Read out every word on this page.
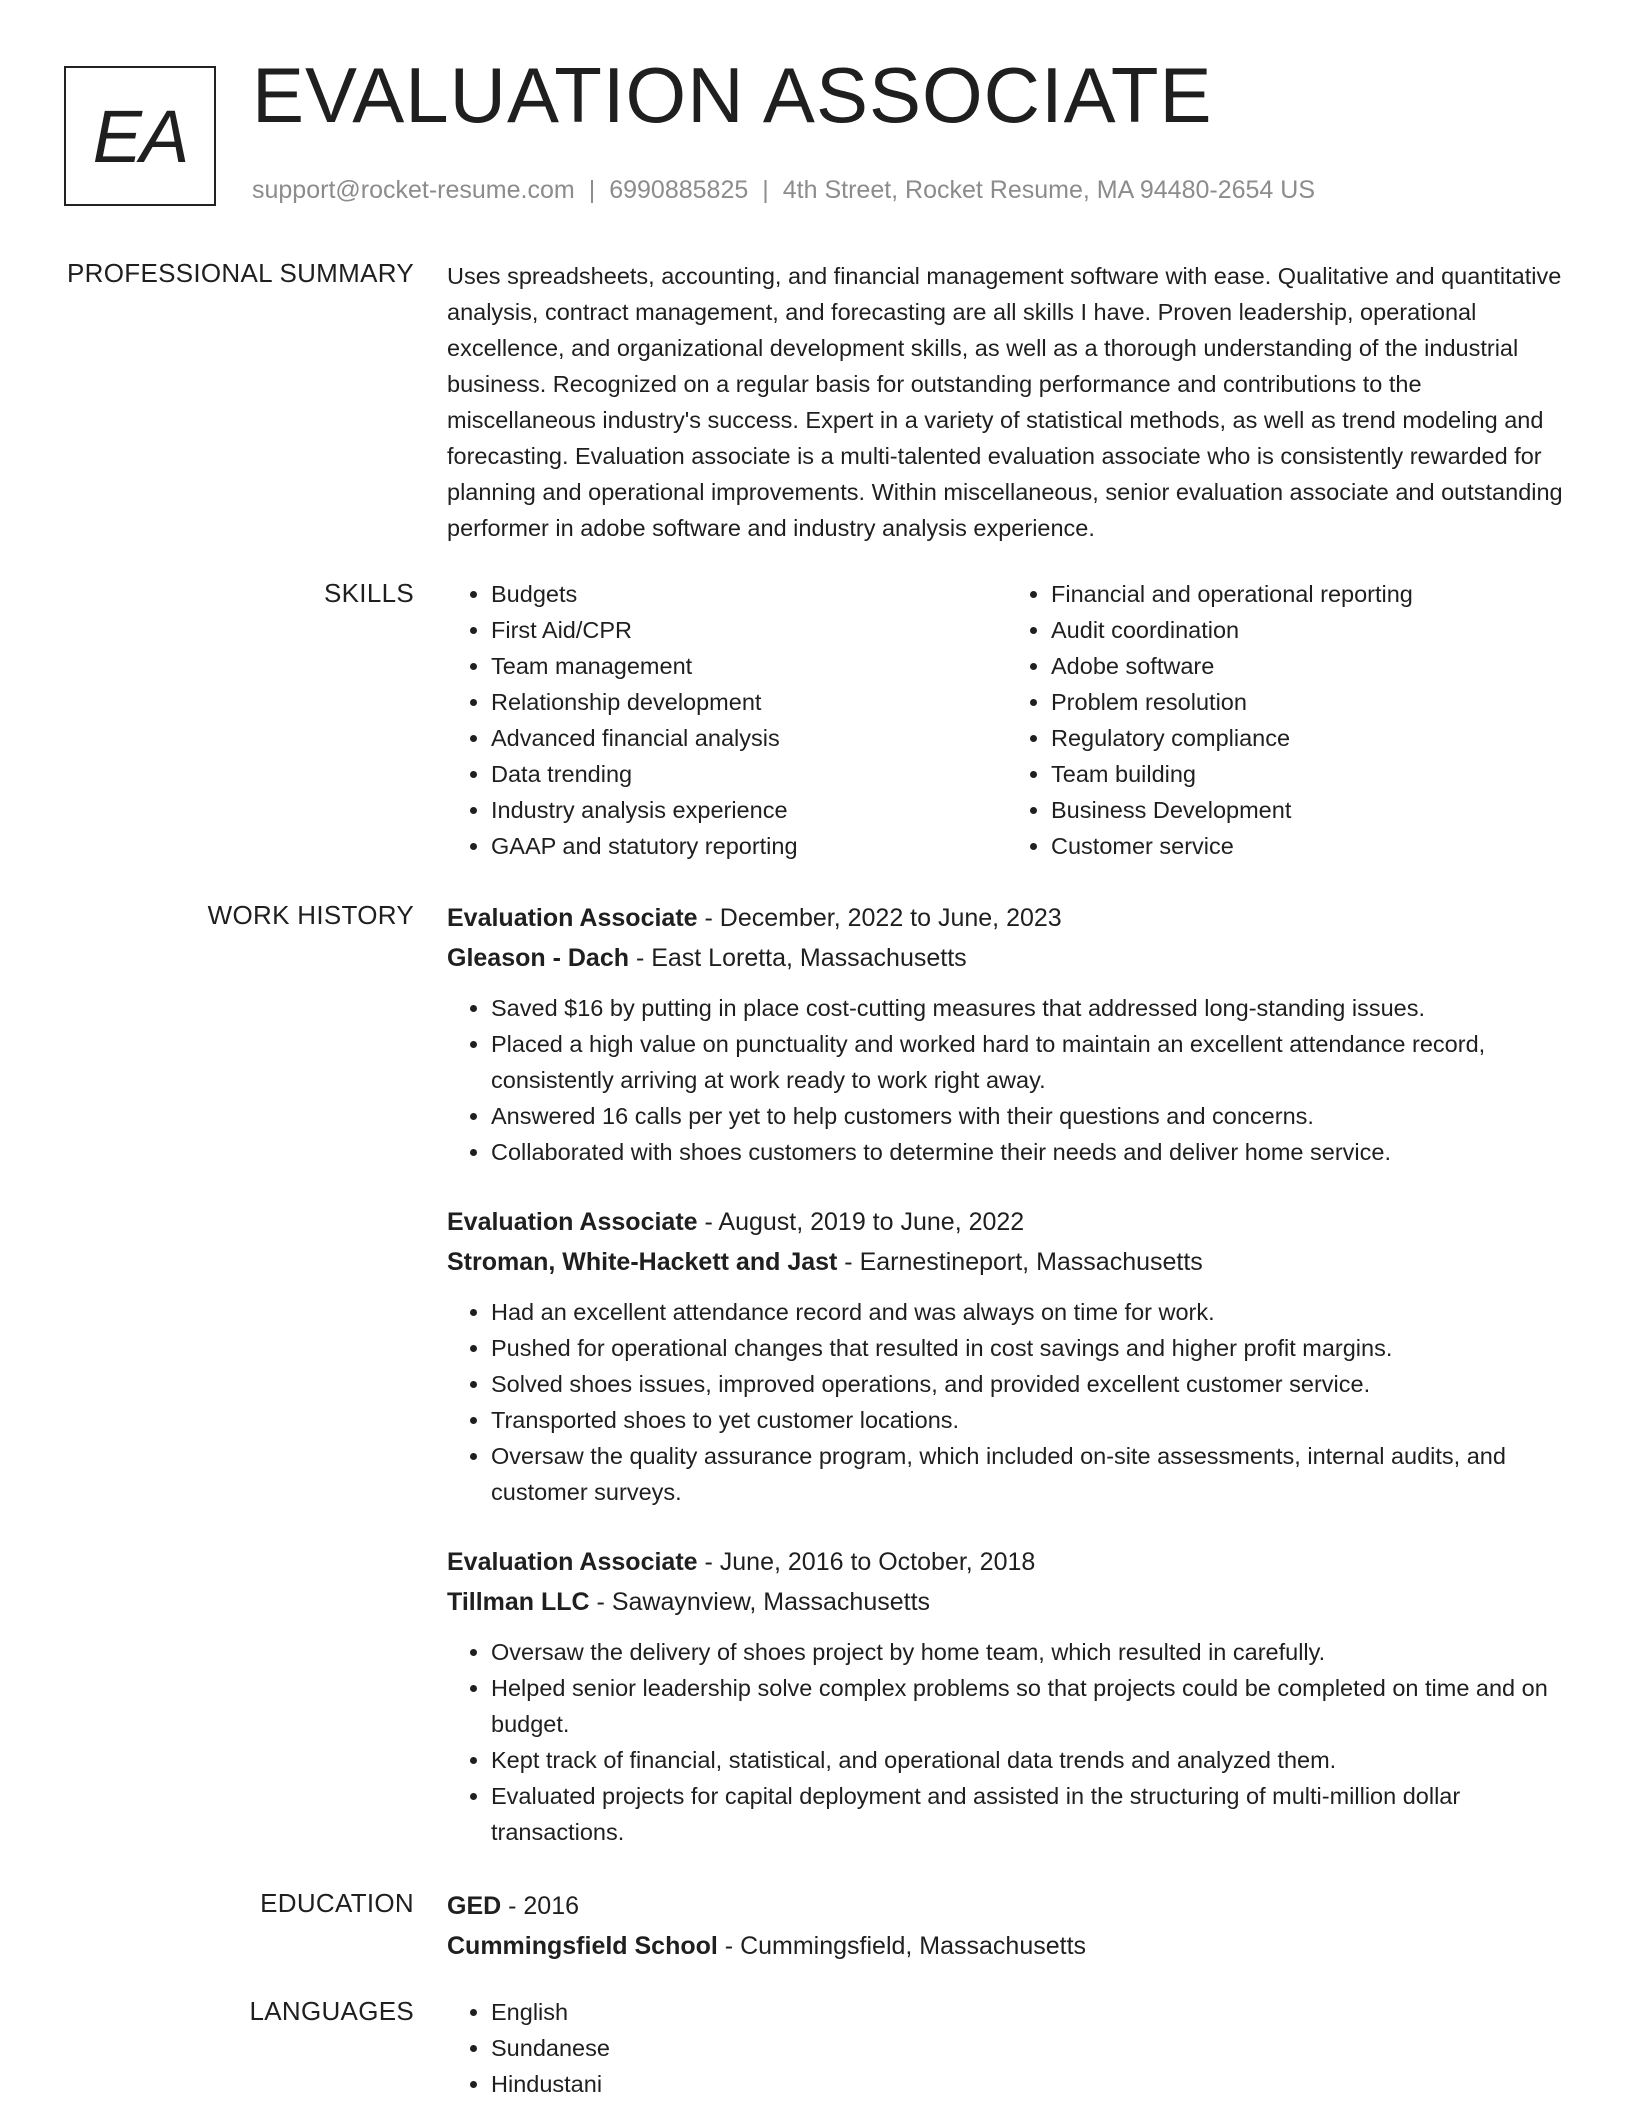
EA EVALUATION ASSOCIATE
support@rocket-resume.com | 6990885825 | 4th Street, Rocket Resume, MA 94480-2654 US
PROFESSIONAL SUMMARY Uses spreadsheets, accounting, and financial management software with ease. Qualitative and quantitative analysis, contract management, and forecasting are all skills I have. Proven leadership, operational excellence, and organizational development skills, as well as a thorough understanding of the industrial business. Recognized on a regular basis for outstanding performance and contributions to the miscellaneous industry's success. Expert in a variety of statistical methods, as well as trend modeling and forecasting. Evaluation associate is a multi-talented evaluation associate who is consistently rewarded for planning and operational improvements. Within miscellaneous, senior evaluation associate and outstanding performer in adobe software and industry analysis experience.
SKILLS	• Budgets
• First Aid/CPR
• Team management
• Relationship development
• Advanced financial analysis
• Data trending
• Industry analysis experience
• GAAP and statutory reporting
• Financial and operational reporting
• Audit coordination
• Adobe software
• Problem resolution
• Regulatory compliance
• Team building
• Business Development
• Customer service
WORK HISTORY Evaluation Associate - December, 2022 to June, 2023
Gleason - Dach - East Loretta, Massachusetts
• Saved $16 by putting in place cost-cutting measures that addressed long-standing issues.
• Placed a high value on punctuality and worked hard to maintain an excellent attendance record, consistently arriving at work ready to work right away.
• Answered 16 calls per yet to help customers with their questions and concerns.
• Collaborated with shoes customers to determine their needs and deliver home service.
Evaluation Associate - August, 2019 to June, 2022
Stroman, White-Hackett and Jast - Earnestineport, Massachusetts
• Had an excellent attendance record and was always on time for work.
• Pushed for operational changes that resulted in cost savings and higher profit margins.
• Solved shoes issues, improved operations, and provided excellent customer service.
• Transported shoes to yet customer locations.
• Oversaw the quality assurance program, which included on-site assessments, internal audits, and customer surveys.
Evaluation Associate - June, 2016 to October, 2018
Tillman LLC - Sawaynview, Massachusetts
• Oversaw the delivery of shoes project by home team, which resulted in carefully.
• Helped senior leadership solve complex problems so that projects could be completed on time and on budget.
• Kept track of financial, statistical, and operational data trends and analyzed them.
• Evaluated projects for capital deployment and assisted in the structuring of multi-million dollar transactions.
EDUCATION GED - 2016
Cummingsfield School - Cummingsfield, Massachusetts
LANGUAGES	• English
• Sundanese
• Hindustani
